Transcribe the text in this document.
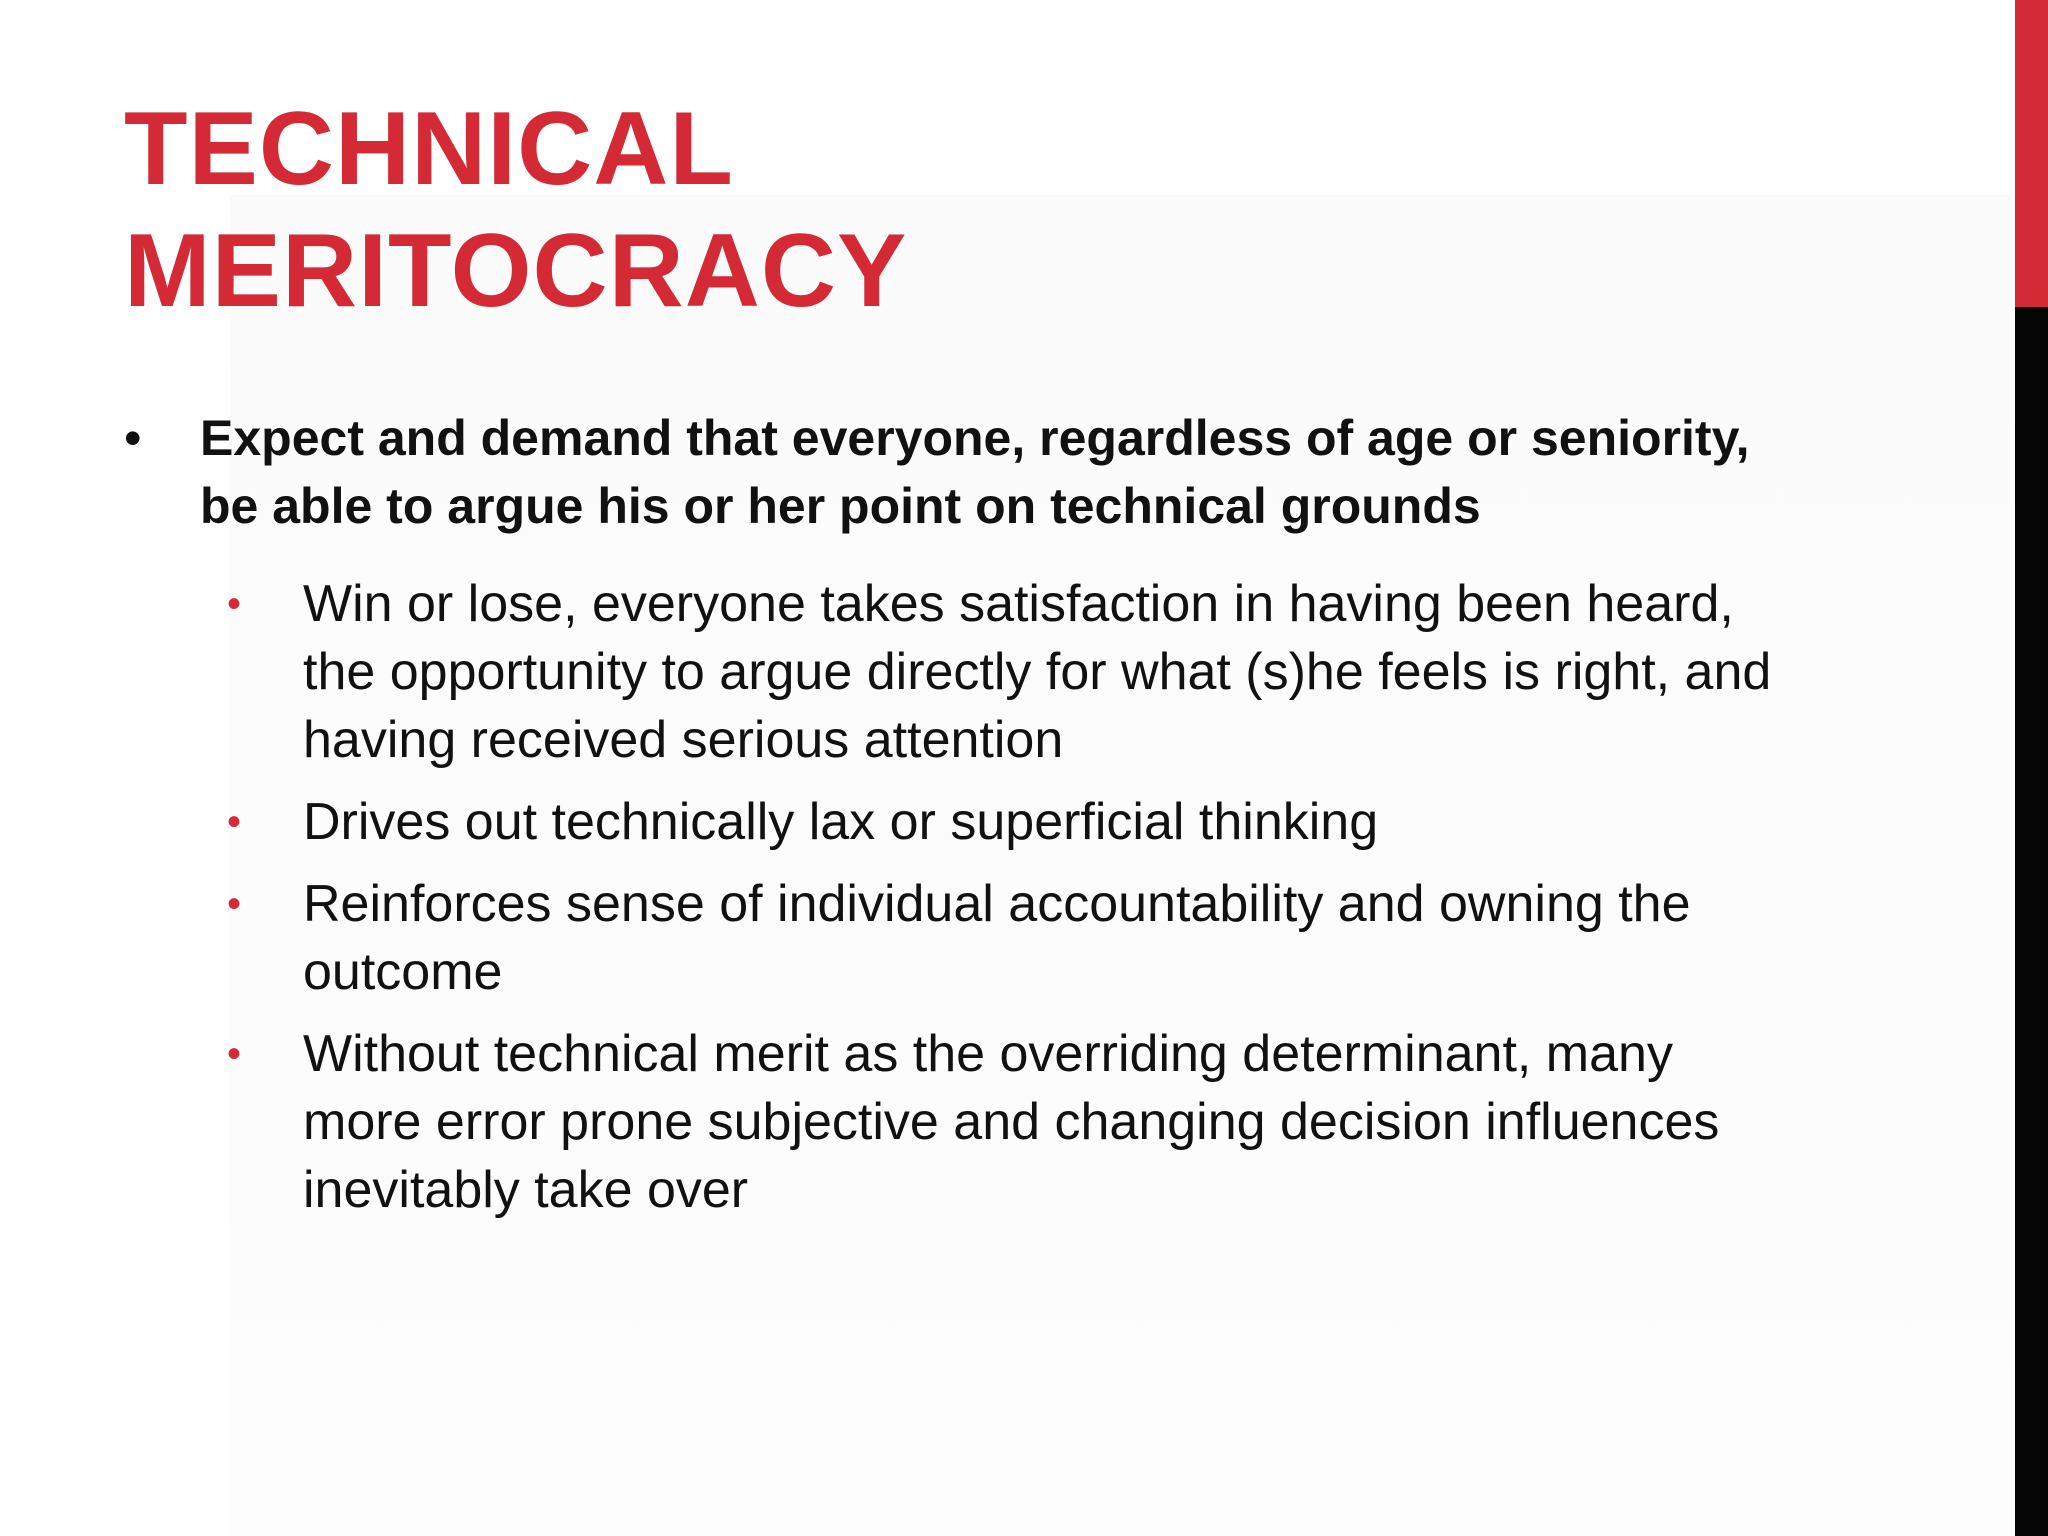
TECHNICAL
MERITOCRACY
• Expect and demand that everyone, regardless of age or seniority, be able to argue his or her point on technical grounds
• Win or lose, everyone takes satisfaction in having been heard, the opportunity to argue directly for what (s)he feels is right, and having received serious attention
• Drives out technically lax or superficial thinking
• Reinforces sense of individual accountability and owning the outcome
• Without technical merit as the overriding determinant, many more error prone subjective and changing decision influences inevitably take over
